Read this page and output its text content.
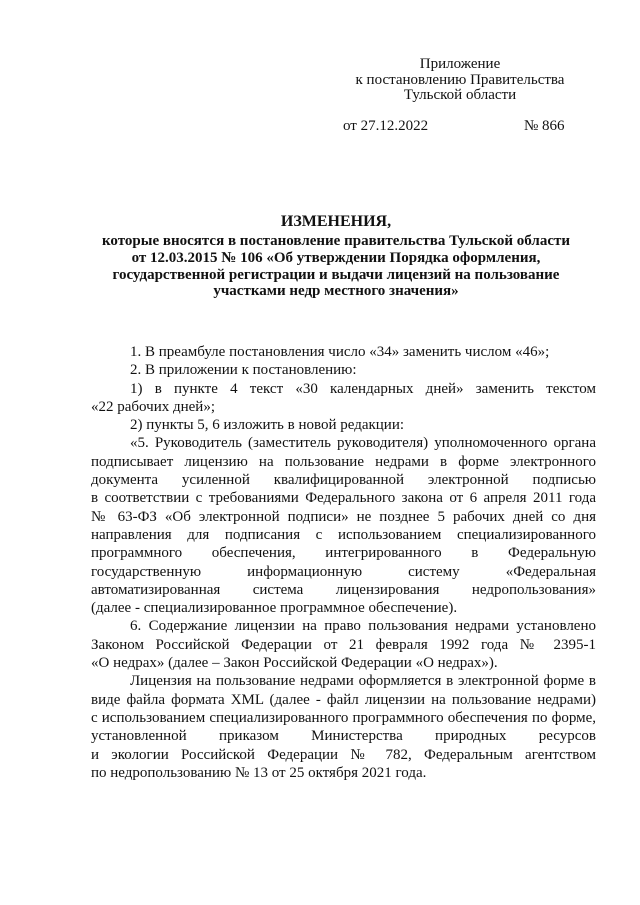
Приложение
к постановлению Правительства
Тульской области
от 27.12.2022	№ 866
ИЗМЕНЕНИЯ,
которые вносятся в постановление правительства Тульской области
от 12.03.2015 № 106 «Об утверждении Порядка оформления,
государственной регистрации и выдачи лицензий на пользование
участками недр местного значения»
1. В преамбуле постановления число «34» заменить числом «46»;
2. В приложении к постановлению:
1) в пункте 4 текст «30 календарных дней» заменить текстом
«22 рабочих дней»;
2) пункты 5, 6 изложить в новой редакции:
«5. Руководитель (заместитель руководителя) уполномоченного органа
подписывает лицензию на пользование недрами в форме электронного
документа усиленной квалифицированной электронной подписью
в соответствии с требованиями Федерального закона от 6 апреля 2011 года
№ 63-ФЗ «Об электронной подписи» не позднее 5 рабочих дней со дня
направления для подписания с использованием специализированного
программного обеспечения, интегрированного в Федеральную
государственную информационную систему «Федеральная
автоматизированная система лицензирования недропользования»
(далее - специализированное программное обеспечение).
6. Содержание лицензии на право пользования недрами установлено
Законом Российской Федерации от 21 февраля 1992 года № 2395-1
«О недрах» (далее – Закон Российской Федерации «О недрах»).
Лицензия на пользование недрами оформляется в электронной форме в
виде файла формата XML (далее - файл лицензии на пользование недрами)
с использованием специализированного программного обеспечения по форме,
установленной приказом Министерства природных ресурсов
и экологии Российской Федерации № 782, Федеральным агентством
по недропользованию № 13 от 25 октября 2021 года.
